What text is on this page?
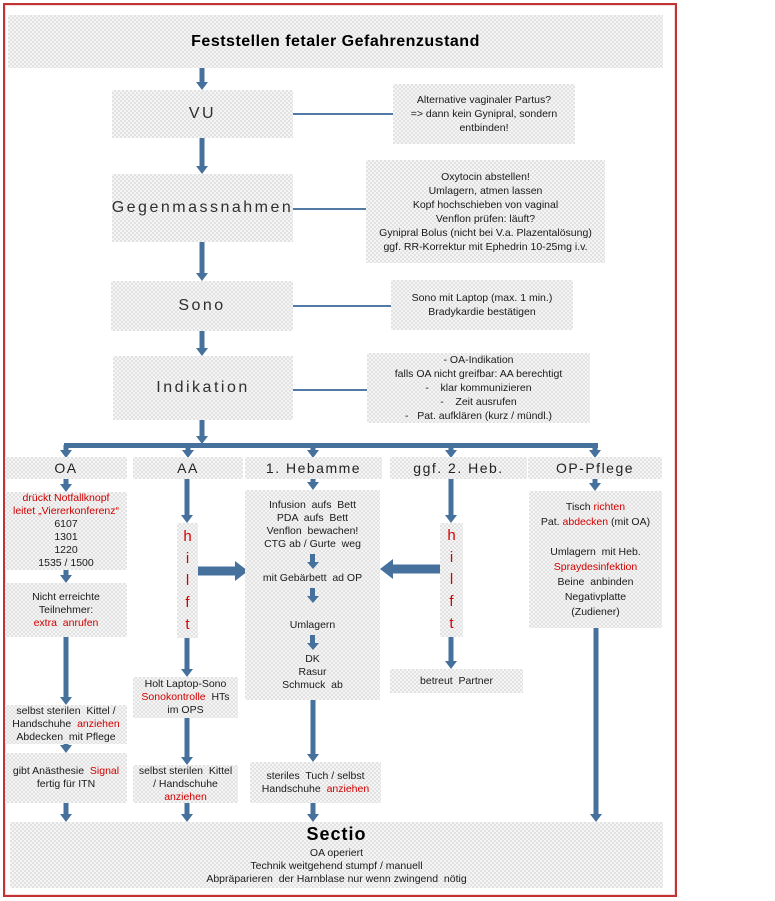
Feststellen fetaler Gefahrenzustand
VU
Gegenmassnahmen
Sono
Indikation
Alternative vaginaler Partus?
=> dann kein Gynipral, sondern
entbinden!
Oxytocin abstellen!
Umlagern, atmen lassen
Kopf hochschieben von vaginal
Venflon prüfen: läuft?
Gynipral Bolus (nicht bei V.a. Plazentalösung)
ggf. RR-Korrektur mit Ephedrin 10-25mg i.v.
Sono mit Laptop (max. 1 min.)
Bradykardie bestätigen
- OA-Indikation
falls OA nicht greifbar: AA berechtigt
-    klar kommunizieren
-    Zeit ausrufen
-   Pat. aufklären (kurz / mündl.)
OA	AA	1. Hebamme	ggf. 2. Heb.	OP-Pflege
drückt Notfallknopf
leitet „Viererkonferenz“
6107
1301
1220
1535 / 1500
Nicht erreichte
Teilnehmer:
extra  anrufen
selbst sterilen  Kittel /
Handschuhe  anziehen
Abdecken  mit Pflege
gibt Anästhesie  Signal
fertig für ITN
h
i
l
f
t
Holt Laptop-Sono
Sonokontrolle  HTs
im OPS
selbst sterilen  Kittel
/ Handschuhe
anziehen
Infusion  aufs  Bett
PDA  aufs  Bett
Venflon  bewachen!
CTG ab / Gurte  weg
mit Gebärbett  ad OP

Umlagern
DK
Rasur
Schmuck  ab
steriles  Tuch / selbst
Handschuhe  anziehen
h
i
l
f
t
betreut  Partner
Tisch richten
Pat. abdecken (mit OA)

Umlagern  mit Heb.
Spraydesinfektion
Beine  anbinden
Negativplatte
(Zudiener)
Sectio
OA operiert
Technik weitgehend stumpf / manuell
Abpräparieren  der Harnblase nur wenn zwingend  nötig
